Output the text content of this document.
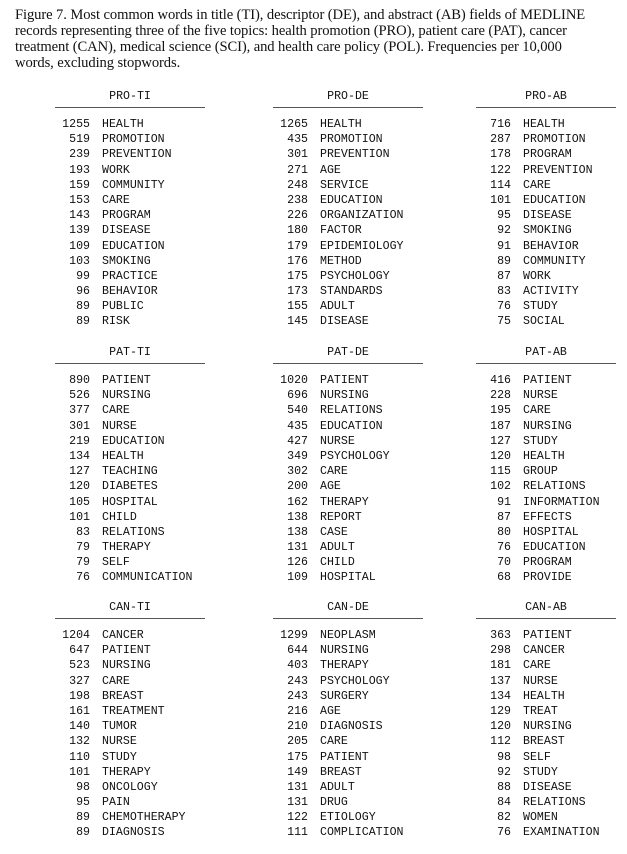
Figure 7. Most common words in title (TI), descriptor (DE), and abstract (AB) fields of MEDLINE
records representing three of the five topics: health promotion (PRO), patient care (PAT), cancer
treatment (CAN), medical science (SCI), and health care policy (POL). Frequencies per 10,000
words, excluding stopwords.
PRO-TI
1255 HEALTH
519 PROMOTION
239 PREVENTION
193 WORK
159 COMMUNITY
153 CARE
143 PROGRAM
139 DISEASE
109 EDUCATION
103 SMOKING
99 PRACTICE
96 BEHAVIOR
89 PUBLIC
89 RISK
PRO-DE
1265 HEALTH
435 PROMOTION
301 PREVENTION
271 AGE
248 SERVICE
238 EDUCATION
226 ORGANIZATION
180 FACTOR
179 EPIDEMIOLOGY
176 METHOD
175 PSYCHOLOGY
173 STANDARDS
155 ADULT
145 DISEASE
PRO-AB
716 HEALTH
287 PROMOTION
178 PROGRAM
122 PREVENTION
114 CARE
101 EDUCATION
95 DISEASE
92 SMOKING
91 BEHAVIOR
89 COMMUNITY
87 WORK
83 ACTIVITY
76 STUDY
75 SOCIAL
PAT-TI
890 PATIENT
526 NURSING
377 CARE
301 NURSE
219 EDUCATION
134 HEALTH
127 TEACHING
120 DIABETES
105 HOSPITAL
101 CHILD
83 RELATIONS
79 THERAPY
79 SELF
76 COMMUNICATION
PAT-DE
1020 PATIENT
696 NURSING
540 RELATIONS
435 EDUCATION
427 NURSE
349 PSYCHOLOGY
302 CARE
200 AGE
162 THERAPY
138 REPORT
138 CASE
131 ADULT
126 CHILD
109 HOSPITAL
PAT-AB
416 PATIENT
228 NURSE
195 CARE
187 NURSING
127 STUDY
120 HEALTH
115 GROUP
102 RELATIONS
91 INFORMATION
87 EFFECTS
80 HOSPITAL
76 EDUCATION
70 PROGRAM
68 PROVIDE
CAN-TI
1204 CANCER
647 PATIENT
523 NURSING
327 CARE
198 BREAST
161 TREATMENT
140 TUMOR
132 NURSE
110 STUDY
101 THERAPY
98 ONCOLOGY
95 PAIN
89 CHEMOTHERAPY
89 DIAGNOSIS
CAN-DE
1299 NEOPLASM
644 NURSING
403 THERAPY
243 PSYCHOLOGY
243 SURGERY
216 AGE
210 DIAGNOSIS
205 CARE
175 PATIENT
149 BREAST
131 ADULT
131 DRUG
122 ETIOLOGY
111 COMPLICATION
CAN-AB
363 PATIENT
298 CANCER
181 CARE
137 NURSE
134 HEALTH
129 TREAT
120 NURSING
112 BREAST
98 SELF
92 STUDY
88 DISEASE
84 RELATIONS
82 WOMEN
76 EXAMINATION
